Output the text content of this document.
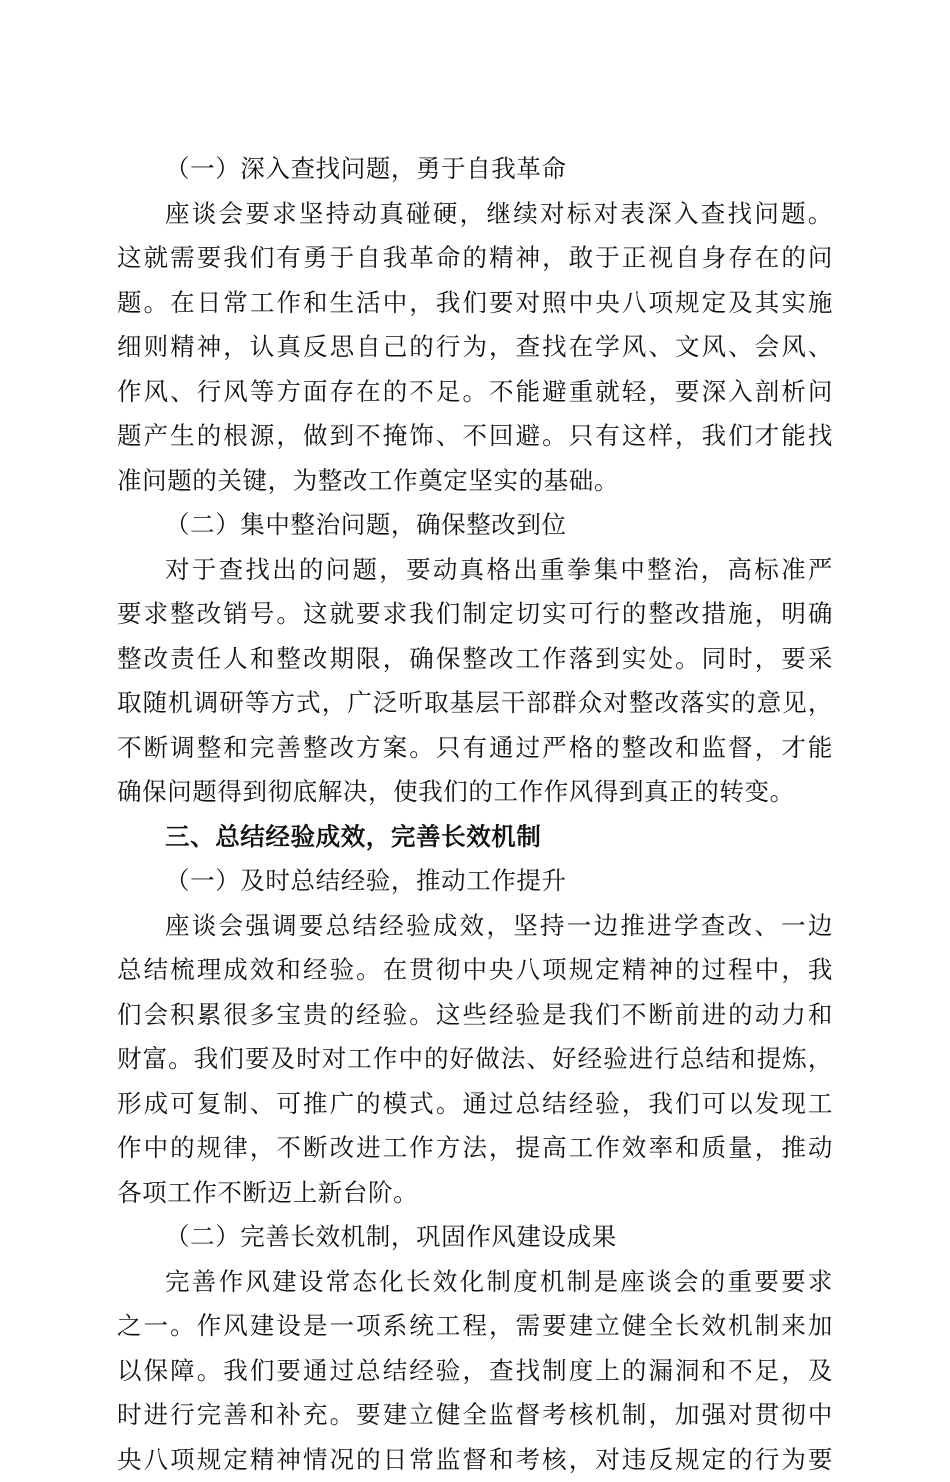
（一）深入查找问题，勇于自我革命
座谈会要求坚持动真碰硬，继续对标对表深入查找问题。
这就需要我们有勇于自我革命的精神，敢于正视自身存在的问
题。在日常工作和生活中，我们要对照中央八项规定及其实施
细则精神，认真反思自己的行为，查找在学风、文风、会风、
作风、行风等方面存在的不足。不能避重就轻，要深入剖析问
题产生的根源，做到不掩饰、不回避。只有这样，我们才能找
准问题的关键，为整改工作奠定坚实的基础。
（二）集中整治问题，确保整改到位
对于查找出的问题，要动真格出重拳集中整治，高标准严
要求整改销号。这就要求我们制定切实可行的整改措施，明确
整改责任人和整改期限，确保整改工作落到实处。同时，要采
取随机调研等方式，广泛听取基层干部群众对整改落实的意见，
不断调整和完善整改方案。只有通过严格的整改和监督，才能
确保问题得到彻底解决，使我们的工作作风得到真正的转变。
三、总结经验成效，完善长效机制
（一）及时总结经验，推动工作提升
座谈会强调要总结经验成效，坚持一边推进学查改、一边
总结梳理成效和经验。在贯彻中央八项规定精神的过程中，我
们会积累很多宝贵的经验。这些经验是我们不断前进的动力和
财富。我们要及时对工作中的好做法、好经验进行总结和提炼，
形成可复制、可推广的模式。通过总结经验，我们可以发现工
作中的规律，不断改进工作方法，提高工作效率和质量，推动
各项工作不断迈上新台阶。
（二）完善长效机制，巩固作风建设成果
完善作风建设常态化长效化制度机制是座谈会的重要要求
之一。作风建设是一项系统工程，需要建立健全长效机制来加
以保障。我们要通过总结经验，查找制度上的漏洞和不足，及
时进行完善和补充。要建立健全监督考核机制，加强对贯彻中
央八项规定精神情况的日常监督和考核，对违反规定的行为要
